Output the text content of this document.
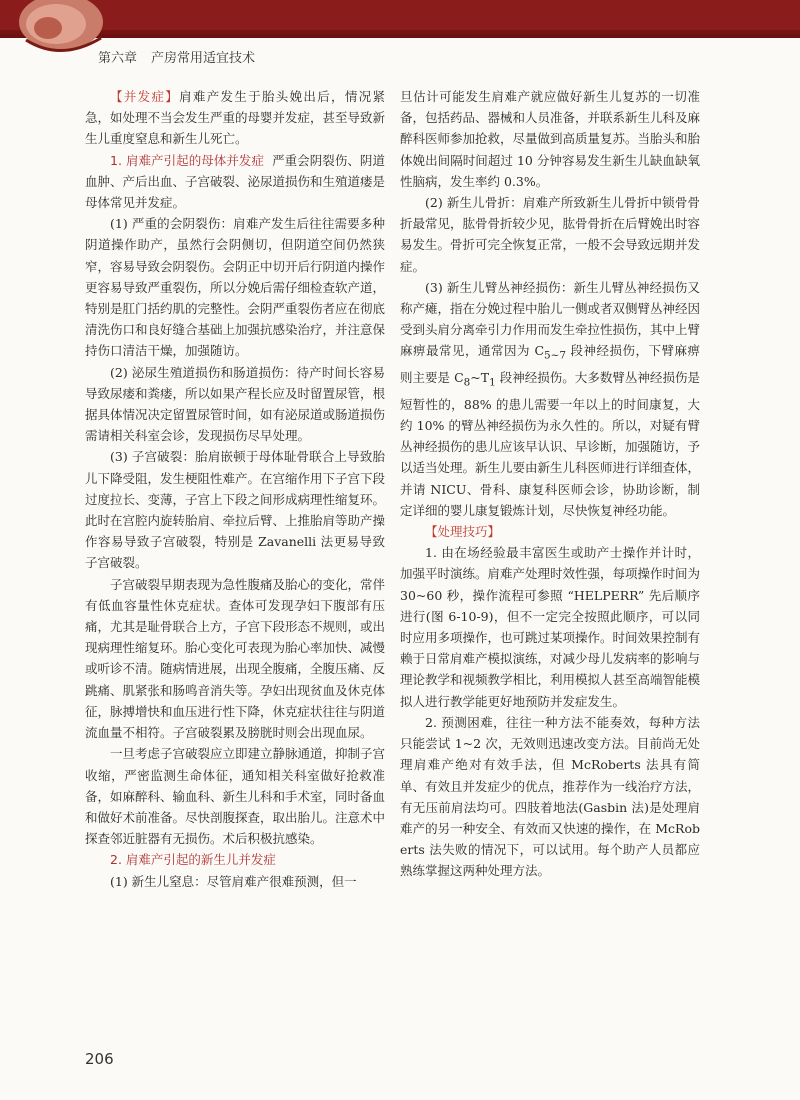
第六章 产房常用适宜技术

【并发症】肩难产发生于胎头娩出后，情况紧急，如处理不当会发生严重的母婴并发症，甚至导致新生儿重度窒息和新生儿死亡。

1. 肩难产引起的母体并发症 严重会阴裂伤、阴道血肿、产后出血、子宫破裂、泌尿道损伤和生殖道瘘是母体常见并发症。

(1) 严重的会阴裂伤：肩难产发生后往往需要多种阴道操作助产，虽然行会阴侧切，但阴道空间仍然狭窄，容易导致会阴裂伤。会阴正中切开后行阴道内操作更容易导致严重裂伤，所以分娩后需仔细检查软产道，特别是肛门括约肌的完整性。会阴严重裂伤者应在彻底清洗伤口和良好缝合基础上加强抗感染治疗，并注意保持伤口清洁干燥，加强随访。

(2) 泌尿生殖道损伤和肠道损伤：待产时间长容易导致尿瘘和粪瘘，所以如果产程长应及时留置尿管，根据具体情况决定留置尿管时间，如有泌尿道或肠道损伤需请相关科室会诊，发现损伤尽早处理。

(3) 子宫破裂：胎肩嵌顿于母体耻骨联合上导致胎儿下降受阻，发生梗阻性难产。在宫缩作用下子宫下段过度拉长、变薄，子宫上下段之间形成病理性缩复环。此时在宫腔内旋转胎肩、牵拉后臂、上推胎肩等助产操作容易导致子宫破裂，特别是 Zavanelli 法更易导致子宫破裂。

子宫破裂早期表现为急性腹痛及胎心的变化，常伴有低血容量性休克症状。查体可发现孕妇下腹部有压痛，尤其是耻骨联合上方，子宫下段形态不规则，或出现病理性缩复环。胎心变化可表现为胎心率加快、减慢或听诊不清。随病情进展，出现全腹痛，全腹压痛、反跳痛、肌紧张和肠鸣音消失等。孕妇出现贫血及休克体征，脉搏增快和血压进行性下降，休克症状往往与阴道流血量不相符。子宫破裂累及膀胱时则会出现血尿。

一旦考虑子宫破裂应立即建立静脉通道，抑制子宫收缩，严密监测生命体征，通知相关科室做好抢救准备，如麻醉科、输血科、新生儿科和手术室，同时备血和做好术前准备。尽快剖腹探查，取出胎儿。注意术中探查邻近脏器有无损伤。术后积极抗感染。

2. 肩难产引起的新生儿并发症

(1) 新生儿窒息：尽管肩难产很难预测，但一

旦估计可能发生肩难产就应做好新生儿复苏的一切准备，包括药品、器械和人员准备，并联系新生儿科及麻醉科医师参加抢救，尽量做到高质量复苏。当胎头和胎体娩出间隔时间超过 10 分钟容易发生新生儿缺血缺氧性脑病，发生率约 0.3%。

(2) 新生儿骨折：肩难产所致新生儿骨折中锁骨骨折最常见，肱骨骨折较少见，肱骨骨折在后臂娩出时容易发生。骨折可完全恢复正常，一般不会导致远期并发症。

(3) 新生儿臂丛神经损伤：新生儿臂丛神经损伤又称产瘫，指在分娩过程中胎儿一侧或者双侧臂丛神经因受到头肩分离牵引力作用而发生牵拉性损伤，其中上臂麻痹最常见，通常因为 $C_{5\sim 7}$ 段神经损伤，下臂麻痹则主要是 $C_8\sim T_1$ 段神经损伤。大多数臂丛神经损伤是短暂性的，88% 的患儿需要一年以上的时间康复，大约 10% 的臂丛神经损伤为永久性的。所以，对疑有臂丛神经损伤的患儿应该早认识、早诊断，加强随访，予以适当处理。新生儿要由新生儿科医师进行详细查体，并请 NICU、骨科、康复科医师会诊，协助诊断，制定详细的婴儿康复锻炼计划，尽快恢复神经功能。

【处理技巧】

1. 由在场经验最丰富医生或助产士操作并计时，加强平时演练。肩难产处理时效性强，每项操作时间为 30~60 秒，操作流程可参照 “HELPERR” 先后顺序进行(图 6-10-9)，但不一定完全按照此顺序，可以同时应用多项操作，也可跳过某项操作。时间效果控制有赖于日常肩难产模拟演练，对减少母儿发病率的影响与理论教学和视频教学相比，利用模拟人甚至高端智能模拟人进行教学能更好地预防并发症发生。

2. 预测困难，往往一种方法不能奏效，每种方法只能尝试 1~2 次，无效则迅速改变方法。目前尚无处理肩难产绝对有效手法，但 McRoberts 法具有简单、有效且并发症少的优点，推荐作为一线治疗方法，有无压前肩法均可。四肢着地法(Gasbin 法)是处理肩难产的另一种安全、有效而又快速的操作，在 McRoberts 法失败的情况下，可以试用。每个助产人员都应熟练掌握这两种处理方法。

206
